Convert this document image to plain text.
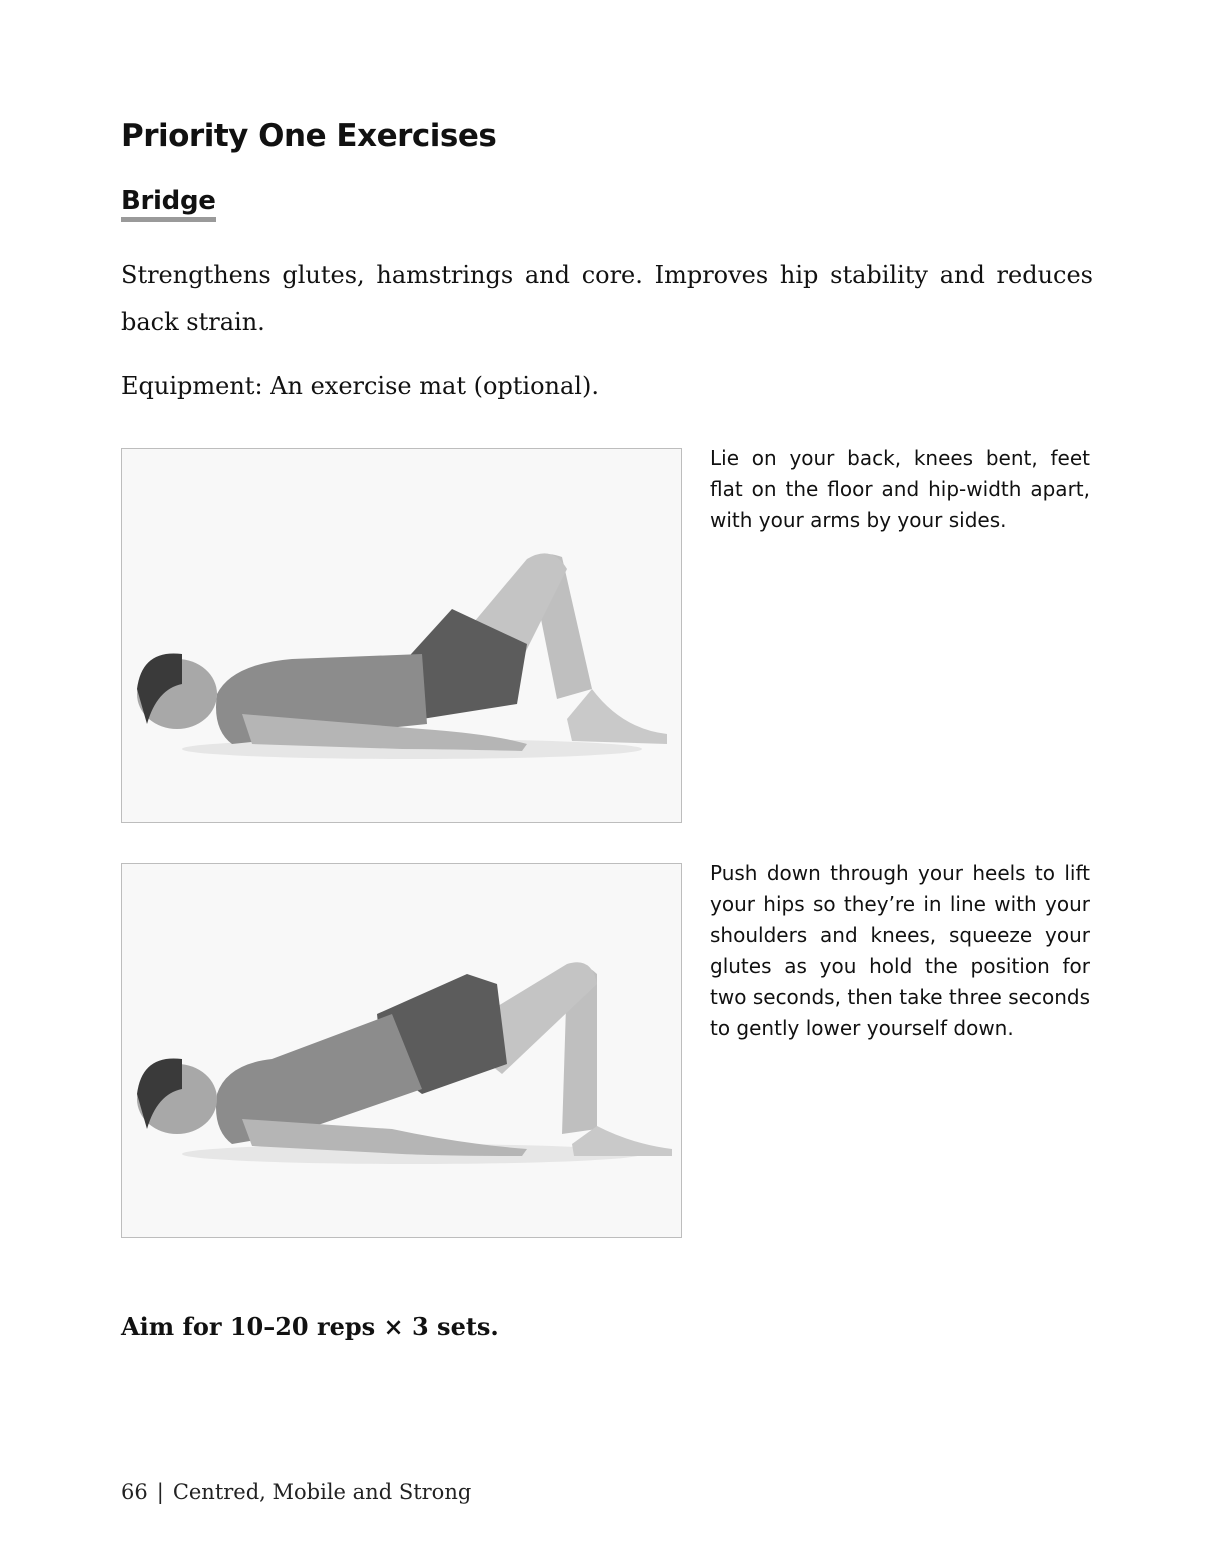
Priority One Exercises
Bridge

Strengthens glutes, hamstrings and core. Improves hip stability and reduces back strain.

Equipment: An exercise mat (optional).

Lie on your back, knees bent, feet flat on the floor and hip-width apart, with your arms by your sides.

Push down through your heels to lift your hips so they’re in line with your shoulders and knees, squeeze your glutes as you hold the position for two seconds, then take three seconds to gently lower yourself down.

Aim for 10–20 reps × 3 sets.

66 | Centred, Mobile and Strong
